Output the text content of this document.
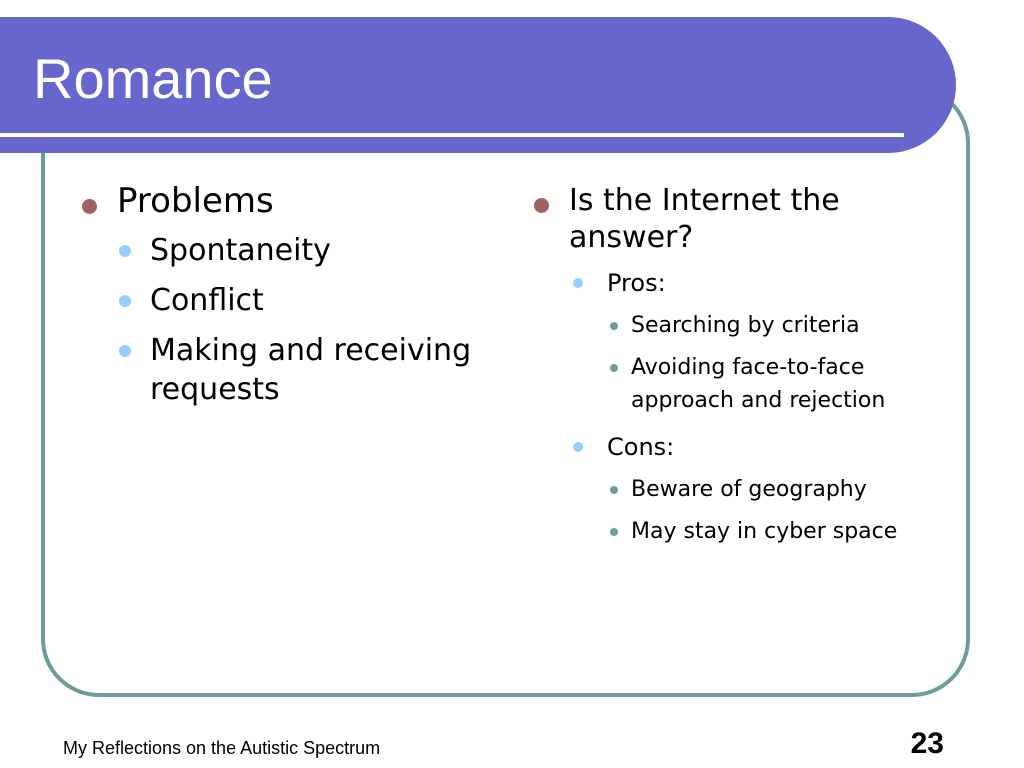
Romance
Problems
Spontaneity
Conflict
Making and receiving requests
Is the Internet the answer?
Pros:
Searching by criteria
Avoiding face-to-face approach and rejection
Cons:
Beware of geography
May stay in cyber space
My Reflections on the Autistic Spectrum	23
